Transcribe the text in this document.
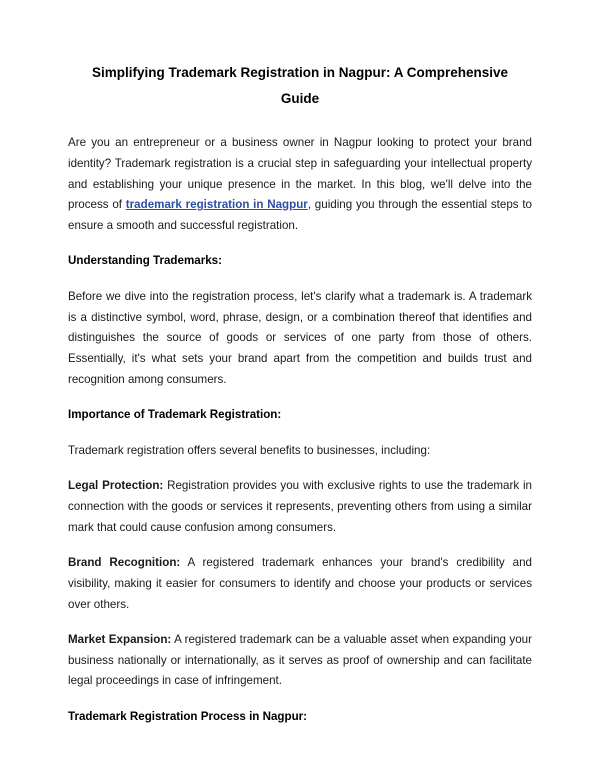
Simplifying Trademark Registration in Nagpur: A Comprehensive Guide

Are you an entrepreneur or a business owner in Nagpur looking to protect your brand identity? Trademark registration is a crucial step in safeguarding your intellectual property and establishing your unique presence in the market. In this blog, we'll delve into the process of trademark registration in Nagpur, guiding you through the essential steps to ensure a smooth and successful registration.

Understanding Trademarks:

Before we dive into the registration process, let's clarify what a trademark is. A trademark is a distinctive symbol, word, phrase, design, or a combination thereof that identifies and distinguishes the source of goods or services of one party from those of others. Essentially, it's what sets your brand apart from the competition and builds trust and recognition among consumers.

Importance of Trademark Registration:

Trademark registration offers several benefits to businesses, including:

Legal Protection: Registration provides you with exclusive rights to use the trademark in connection with the goods or services it represents, preventing others from using a similar mark that could cause confusion among consumers.

Brand Recognition: A registered trademark enhances your brand's credibility and visibility, making it easier for consumers to identify and choose your products or services over others.

Market Expansion: A registered trademark can be a valuable asset when expanding your business nationally or internationally, as it serves as proof of ownership and can facilitate legal proceedings in case of infringement.

Trademark Registration Process in Nagpur:
